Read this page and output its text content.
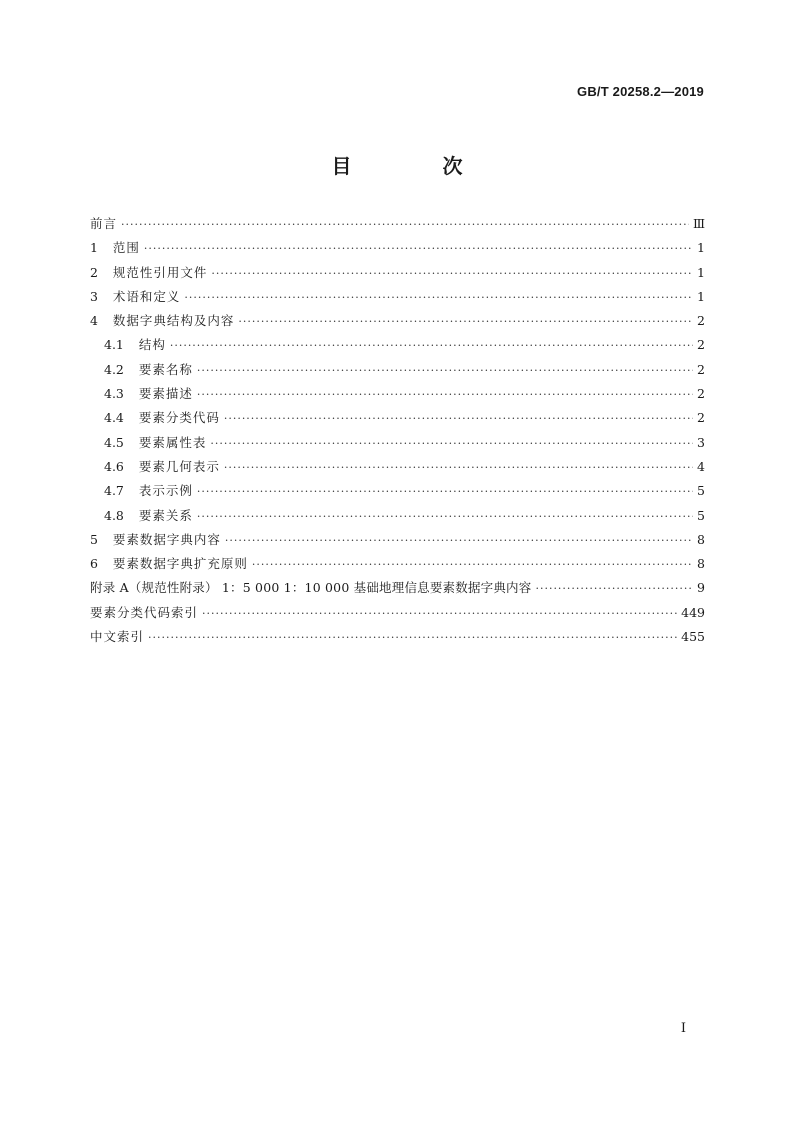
GB/T 20258.2—2019
目 次
前言 ·····	Ⅲ
1 范围 ·····	1
2 规范性引用文件 ·····	1
3 术语和定义 ·····	1
4 数据字典结构及内容 ·····	2
4.1 结构 ·····	2
4.2 要素名称 ·····	2
4.3 要素描述 ·····	2
4.4 要素分类代码 ·····	2
4.5 要素属性表 ·····	3
4.6 要素几何表示 ·····	4
4.7 表示示例 ·····	5
4.8 要素关系 ·····	5
5 要素数据字典内容 ·····	8
6 要素数据字典扩充原则 ·····	8
附录 A（规范性附录） 1：5 000 1：10 000 基础地理信息要素数据字典内容 ·····	9
要素分类代码索引 ·····	449
中文索引 ·····	455
Ⅰ
